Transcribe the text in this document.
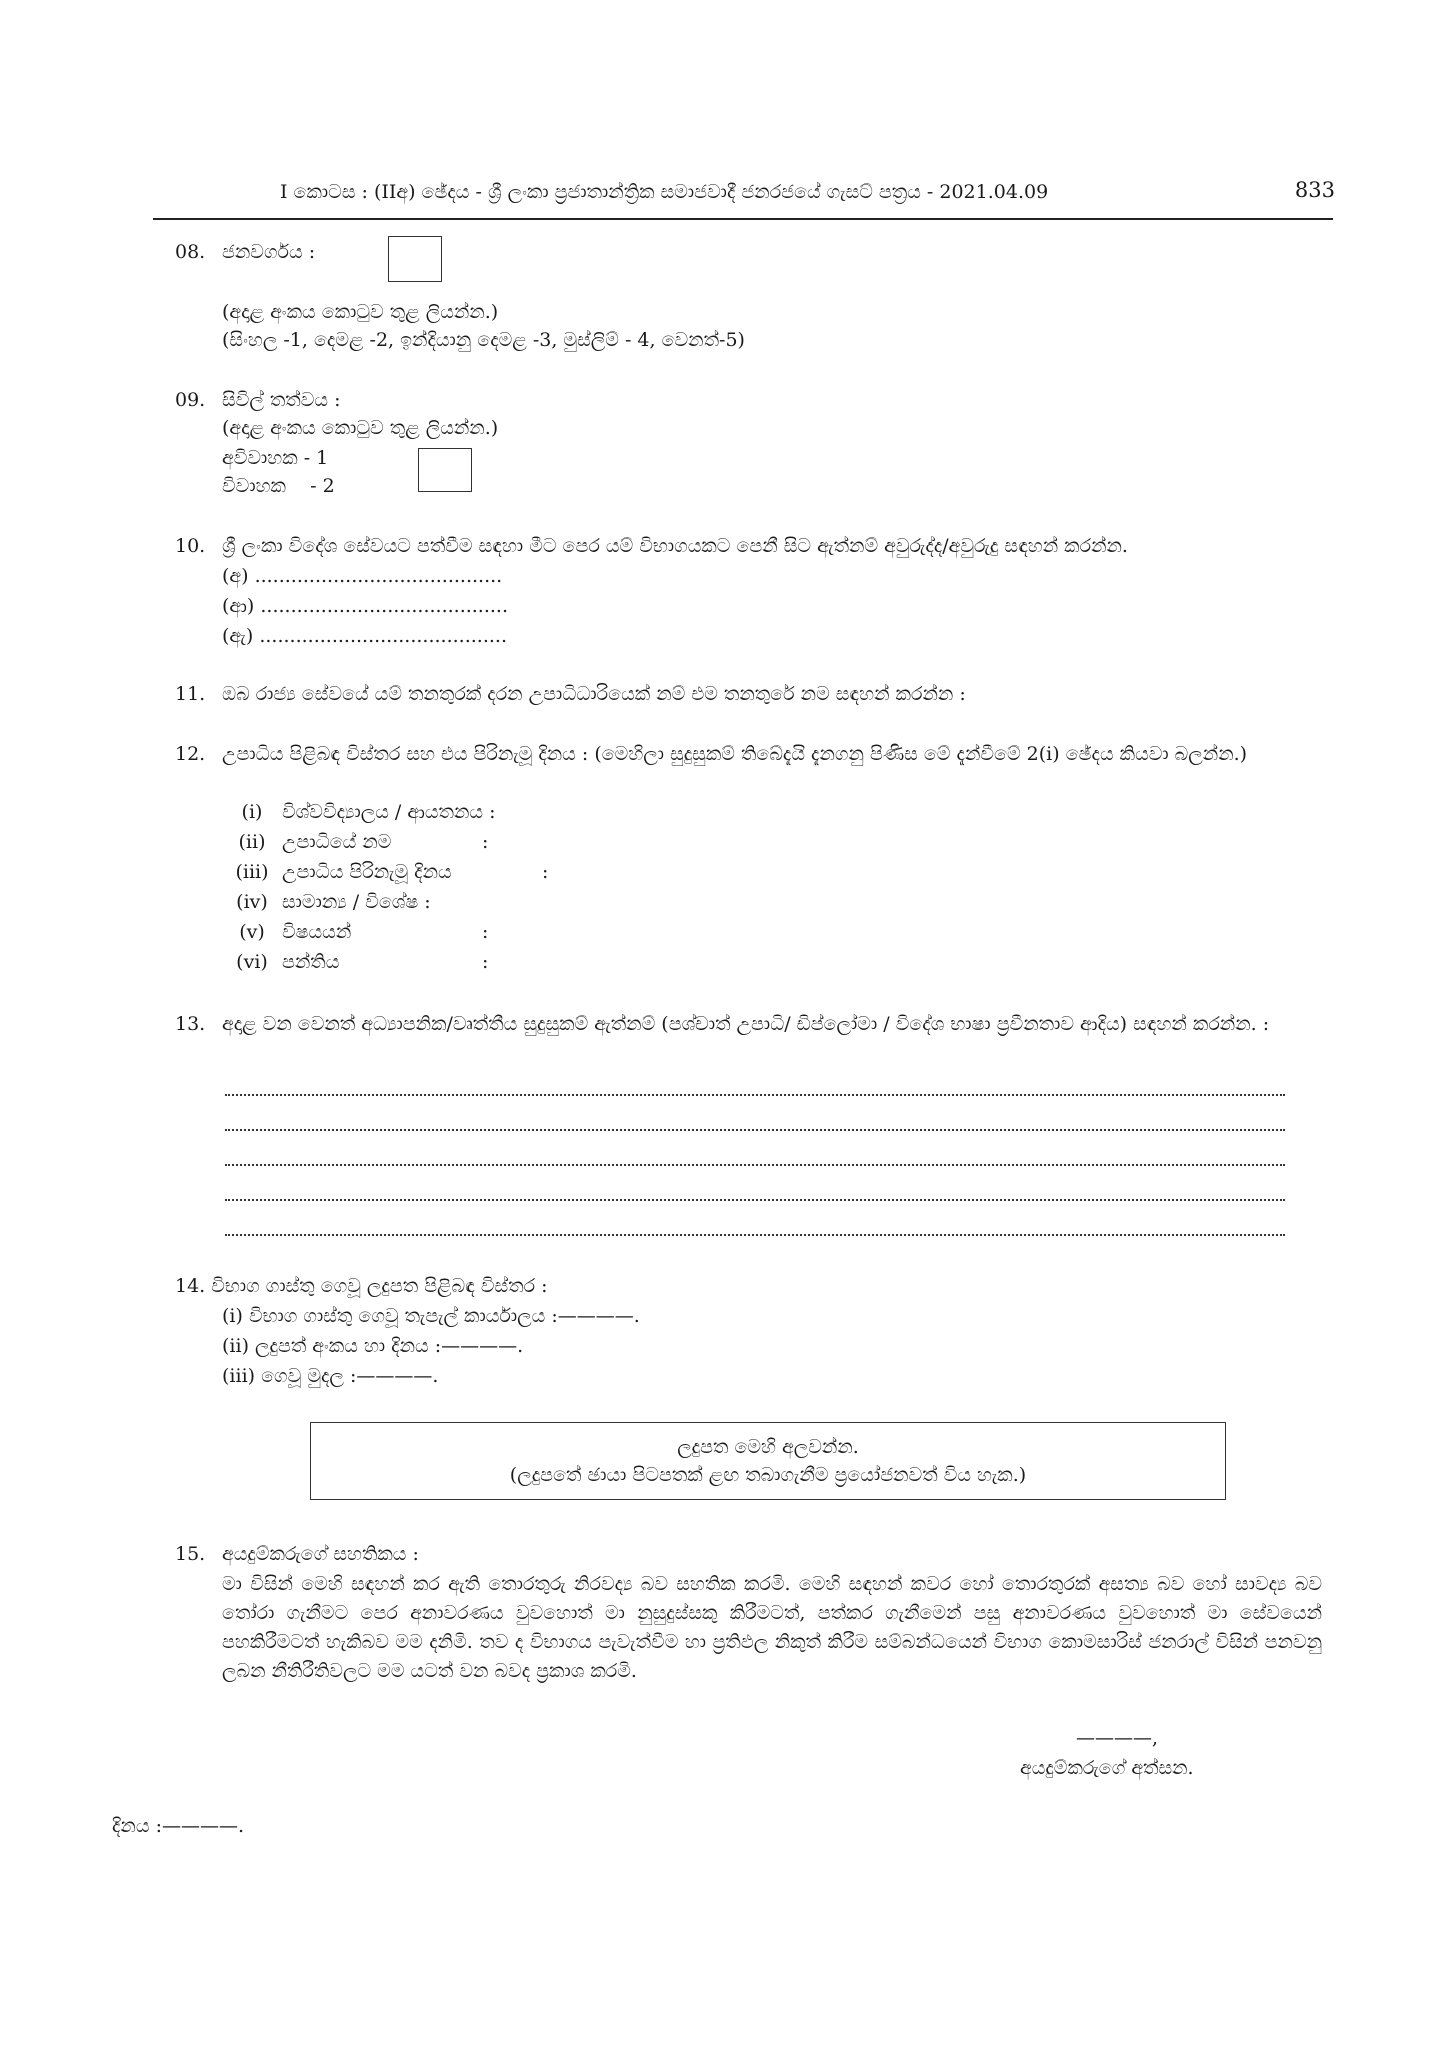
I කොටස : (IIඅ) ඡේදය - ශ්‍රී ලංකා ප්‍රජාතාන්ත්‍රික සමාජවාදී ජනරජයේ ගැසට් පත්‍රය - 2021.04.09	833
08. ජනවර්ගය :
(අදාළ අංකය කොටුව තුළ ලියන්න.)
(සිංහල -1, දෙමළ -2, ඉන්දියානු දෙමළ -3, මුස්ලිම් - 4, වෙනත්-5)
09. සිවිල් තත්වය :
(අදාළ අංකය කොටුව තුළ ලියන්න.)
අවිවාහක - 1
විවාහක    - 2
10. ශ්‍රී ලංකා විදේශ සේවයට පත්වීම සඳහා මීට පෙර යම් විභාගයකට පෙනී සිට ඇත්නම් අවුරුද්ද/අවුරුදු සඳහන් කරන්න.
(අ) .........................................
(ආ) .........................................
(ඇ) .........................................
11. ඔබ රාජ්‍ය සේවයේ යම් තනතුරක් දරන උපාධිධාරියෙක් නම් එම තනතුරේ නම සඳහන් කරන්න :
12. උපාධිය පිළිබඳ විස්තර සහ එය පිරිනැමූ දිනය : (මෙහිලා සුදුසුකම් තිබේදැයි දැනගනු පිණිස මේ දැන්වීමේ 2(i) ඡේදය කියවා බලන්න.)
(i) විශ්වවිද්‍යාලය / ආයතනය :
(ii) උපාධියේ නම	:
(iii) උපාධිය පිරිනැමූ දිනය	:
(iv) සාමාන්‍ය / විශේෂ :
(v) විෂයයන්	:
(vi) පන්තිය	:
13. අදාළ වන වෙනත් අධ්‍යාපනික/වෘත්තීය සුදුසුකම් ඇත්නම් (පශ්චාත් උපාධි/ ඩිප්ලෝමා / විදේශ භාෂා ප්‍රවීනතාව ආදිය) සඳහන් කරන්න. :
14. විභාග ගාස්තු ගෙවූ ලදුපත පිළිබඳ විස්තර :
(i) විභාග ගාස්තු ගෙවූ තැපැල් කාර්යාලය :————.
(ii) ලදුපත් අංකය හා දිනය :————.
(iii) ගෙවූ මුදල :————.
ලදුපත මෙහි අලවන්න.
(ලදුපතේ ඡායා පිටපතක් ළඟ තබාගැනීම ප්‍රයෝජනවත් විය හැක.)
15. අයදුම්කරුගේ සහතිකය :
මා විසින් මෙහි සඳහන් කර ඇති තොරතුරු නිරවද්‍ය බව සහතික කරමි. මෙහි සඳහන් කවර හෝ තොරතුරක් අසත්‍ය බව හෝ සාවද්‍ය බව තෝරා ගැනීමට පෙර අනාවරණය වුවහොත් මා නුසුදුස්සකු කිරීමටත්, පත්කර ගැනීමෙන් පසු අනාවරණය වුවහොත් මා සේවයෙන් පහකිරීමටත් හැකිබව මම දනිමි. තව ද විභාගය පැවැත්වීම හා ප්‍රතිඵල නිකුත් කිරීම සම්බන්ධයෙන් විභාග කොමසාරිස් ජනරාල් විසින් පනවනු ලබන නීතිරීතිවලට මම යටත් වන බවද ප්‍රකාශ කරමි.
————,
අයදුම්කරුගේ අත්සන.
දිනය :————.
